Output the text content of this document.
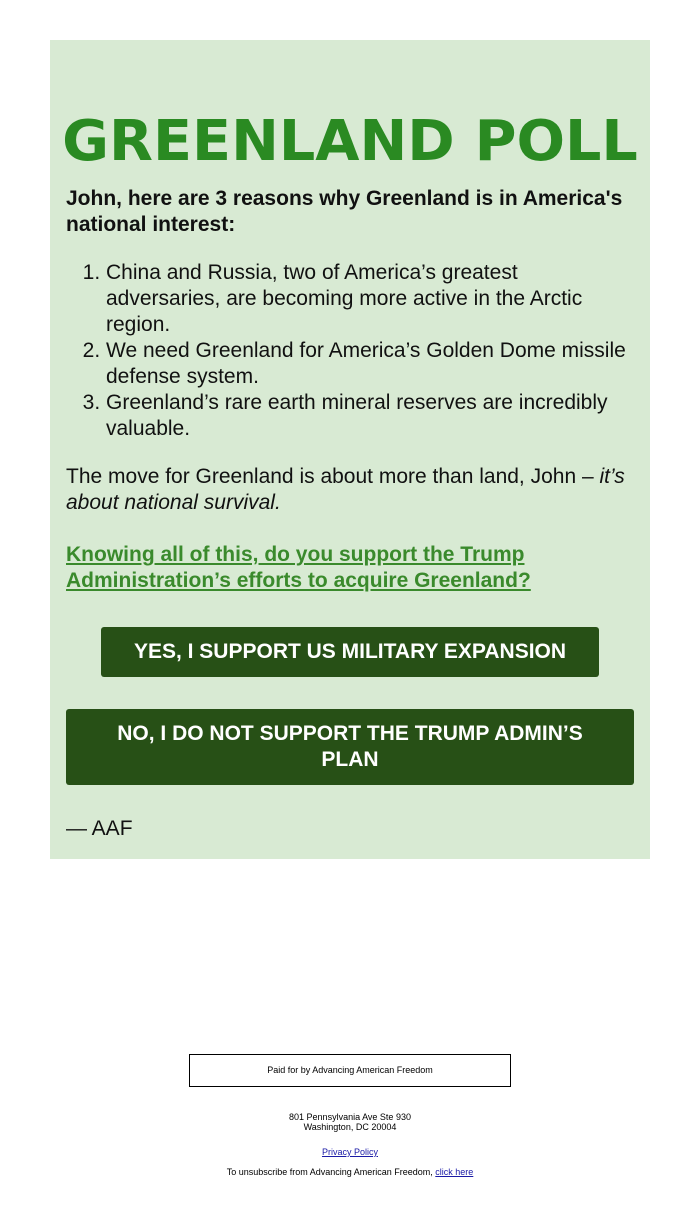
GREENLAND POLL

John, here are 3 reasons why Greenland is in America's national interest:

1. China and Russia, two of America’s greatest adversaries, are becoming more active in the Arctic region.
2. We need Greenland for America’s Golden Dome missile defense system.
3. Greenland’s rare earth mineral reserves are incredibly valuable.

The move for Greenland is about more than land, John – it’s about national survival.

Knowing all of this, do you support the Trump Administration’s efforts to acquire Greenland?
YES, I SUPPORT US MILITARY EXPANSION
NO, I DO NOT SUPPORT THE TRUMP ADMIN’S PLAN

— AAF

Paid for by Advancing American Freedom
801 Pennsylvania Ave Ste 930
Washington, DC 20004
Privacy Policy
To unsubscribe from Advancing American Freedom, click here
